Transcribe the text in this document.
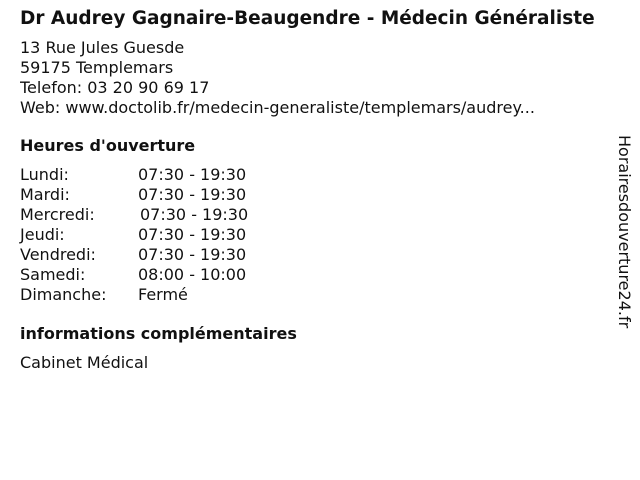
Dr Audrey Gagnaire-Beaugendre - Médecin Généraliste
13 Rue Jules Guesde
59175 Templemars
Telefon: 03 20 90 69 17
Web: www.doctolib.fr/medecin-generaliste/templemars/audrey...
Heures d'ouverture
Lundi:	07:30 - 19:30
Mardi:	07:30 - 19:30
Mercredi:	07:30 - 19:30
Jeudi:	07:30 - 19:30
Vendredi:	07:30 - 19:30
Samedi:	08:00 - 10:00
Dimanche:	Fermé
informations complémentaires
Cabinet Médical
Horairesdouverture24.fr
